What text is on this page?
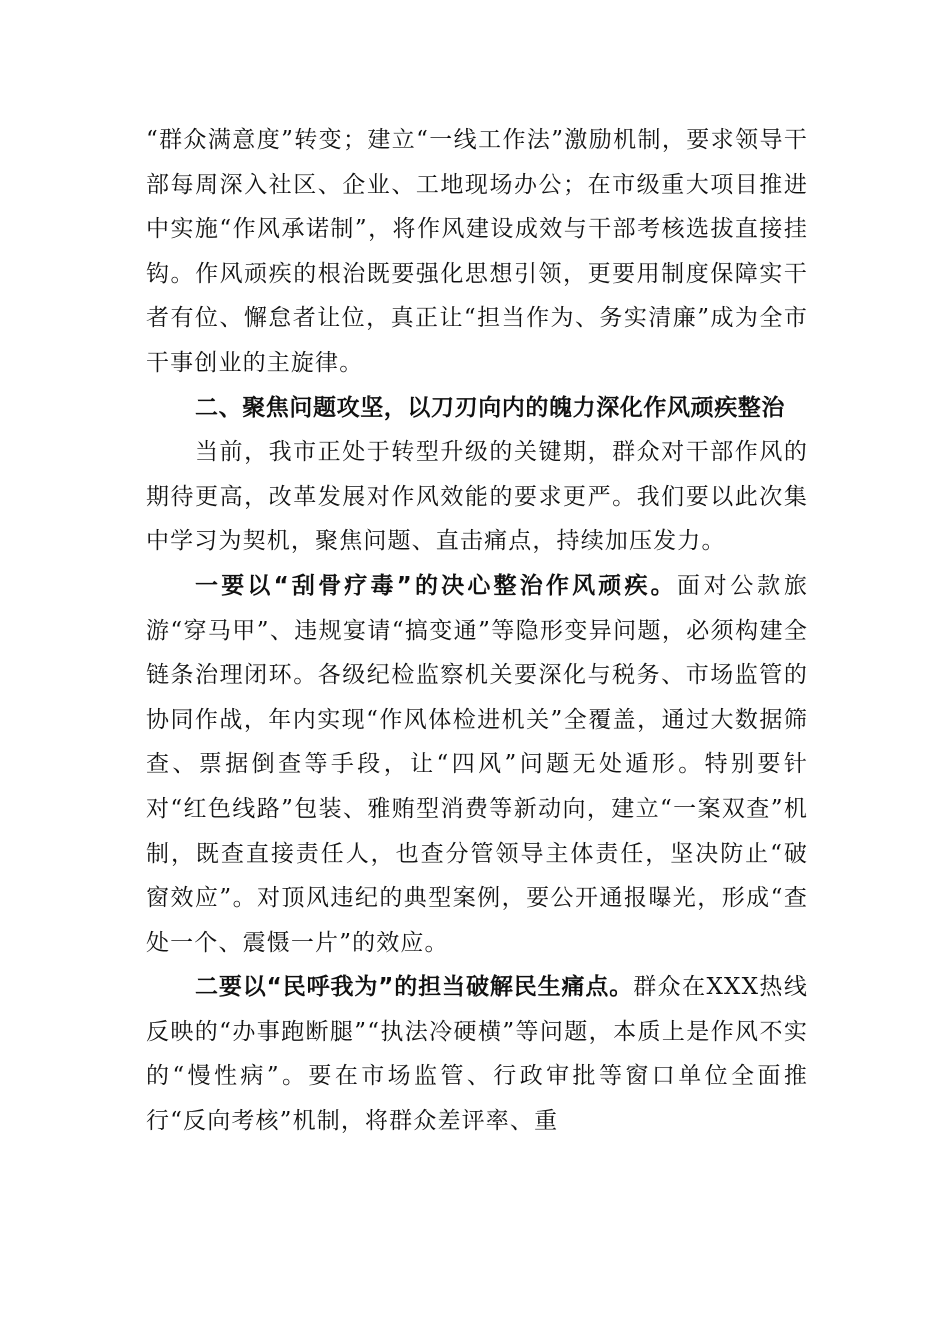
“群众满意度”转变；建立“一线工作法”激励机制，要求领导干部每周深入社区、企业、工地现场办公；在市级重大项目推进中实施“作风承诺制”，将作风建设成效与干部考核选拔直接挂钩。作风顽疾的根治既要强化思想引领，更要用制度保障实干者有位、懈怠者让位，真正让“担当作为、务实清廉”成为全市干事创业的主旋律。

二、聚焦问题攻坚，以刀刃向内的魄力深化作风顽疾整治

当前，我市正处于转型升级的关键期，群众对干部作风的期待更高，改革发展对作风效能的要求更严。我们要以此次集中学习为契机，聚焦问题、直击痛点，持续加压发力。

一要以“刮骨疗毒”的决心整治作风顽疾。面对公款旅游“穿马甲”、违规宴请“搞变通”等隐形变异问题，必须构建全链条治理闭环。各级纪检监察机关要深化与税务、市场监管的协同作战，年内实现“作风体检进机关”全覆盖，通过大数据筛查、票据倒查等手段，让“四风”问题无处遁形。特别要针对“红色线路”包装、雅贿型消费等新动向，建立“一案双查”机制，既查直接责任人，也查分管领导主体责任，坚决防止“破窗效应”。对顶风违纪的典型案例，要公开通报曝光，形成“查处一个、震慑一片”的效应。

二要以“民呼我为”的担当破解民生痛点。群众在XXX热线反映的“办事跑断腿”“执法冷硬横”等问题，本质上是作风不实的“慢性病”。要在市场监管、行政审批等窗口单位全面推行“反向考核”机制，将群众差评率、重
